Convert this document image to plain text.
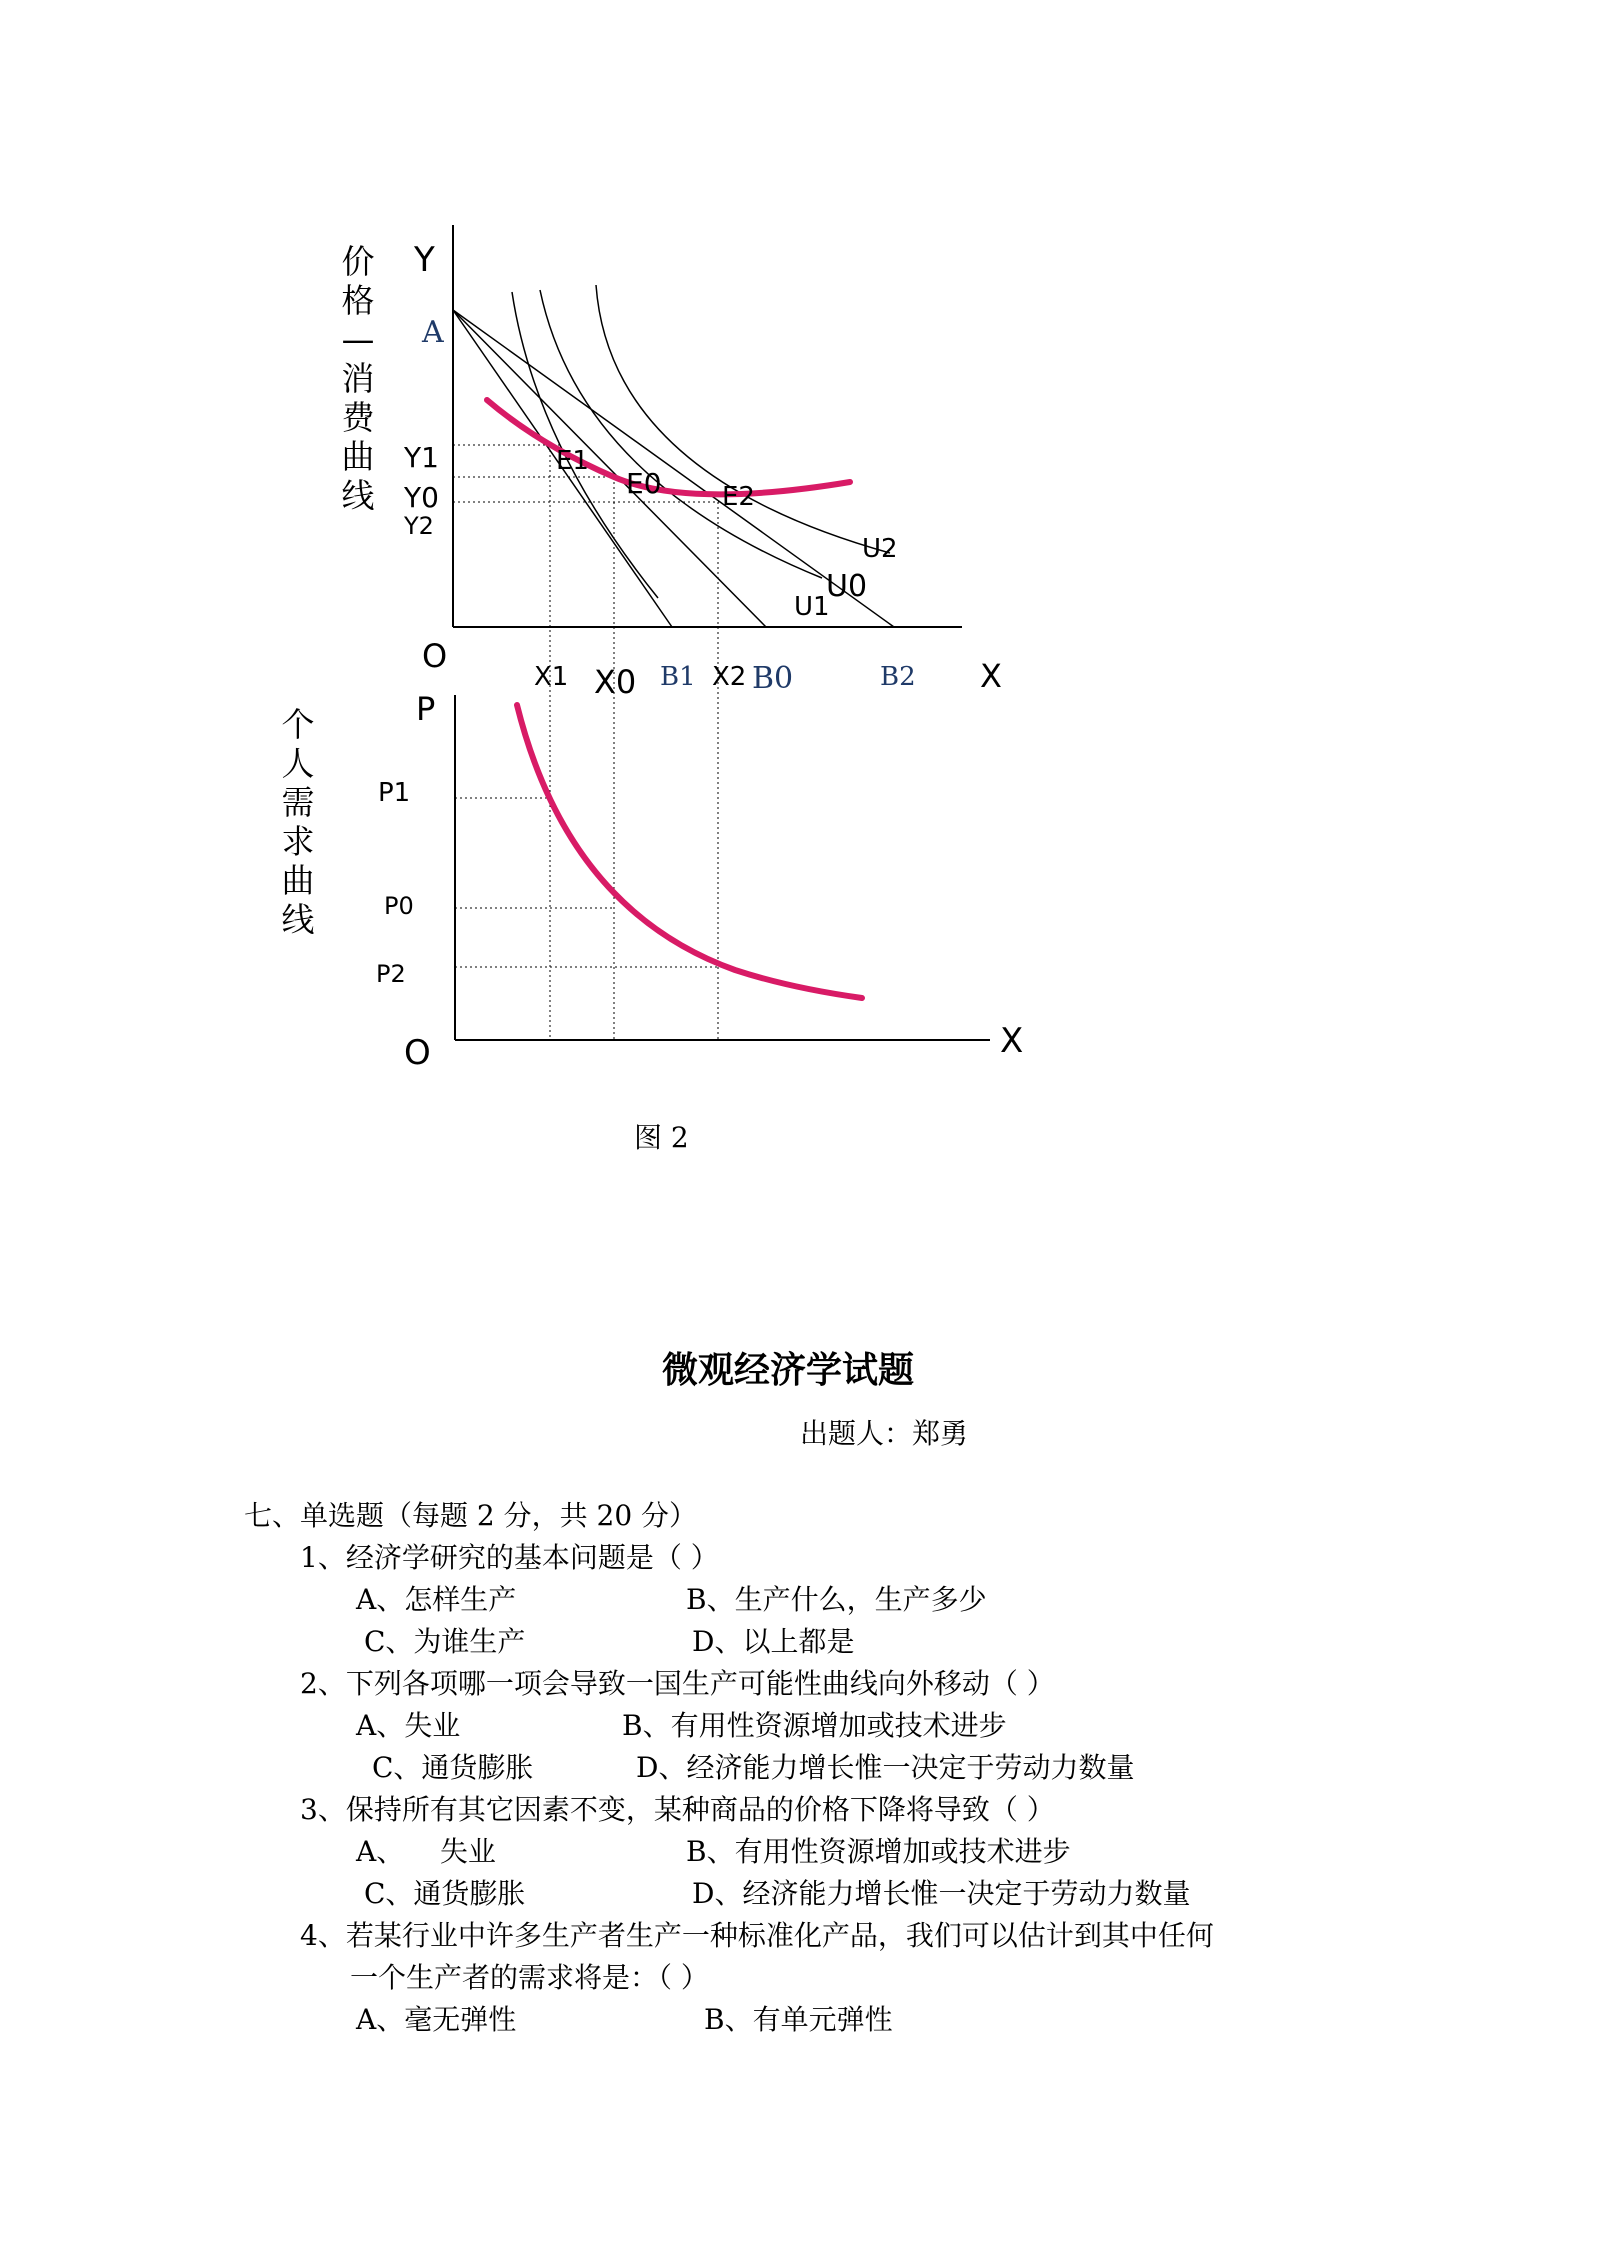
价格—消费曲线
Y
A
Y1
Y0
Y2
O
X
X1 X0 B1 X2 B0	B2
E1
E0 E2
U2
U0
U1
个人需求曲线
P
P1
P0
P2
O	X
图 2
微观经济学试题
出题人：郑勇
七、单选题（每题 2 分，共 20 分）
1、经济学研究的基本问题是（ ）
A、怎样生产	B、生产什么，生产多少
C、为谁生产	D、以上都是
2、下列各项哪一项会导致一国生产可能性曲线向外移动（ ）
A、失业	B、有用性资源增加或技术进步
C、通货膨胀	D、经济能力增长惟一决定于劳动力数量
3、保持所有其它因素不变，某种商品的价格下降将导致（ ）
A、    失业	B、有用性资源增加或技术进步
C、通货膨胀	D、经济能力增长惟一决定于劳动力数量
4、若某行业中许多生产者生产一种标准化产品，我们可以估计到其中任何
一个生产者的需求将是：（ ）
A、毫无弹性	B、有单元弹性
